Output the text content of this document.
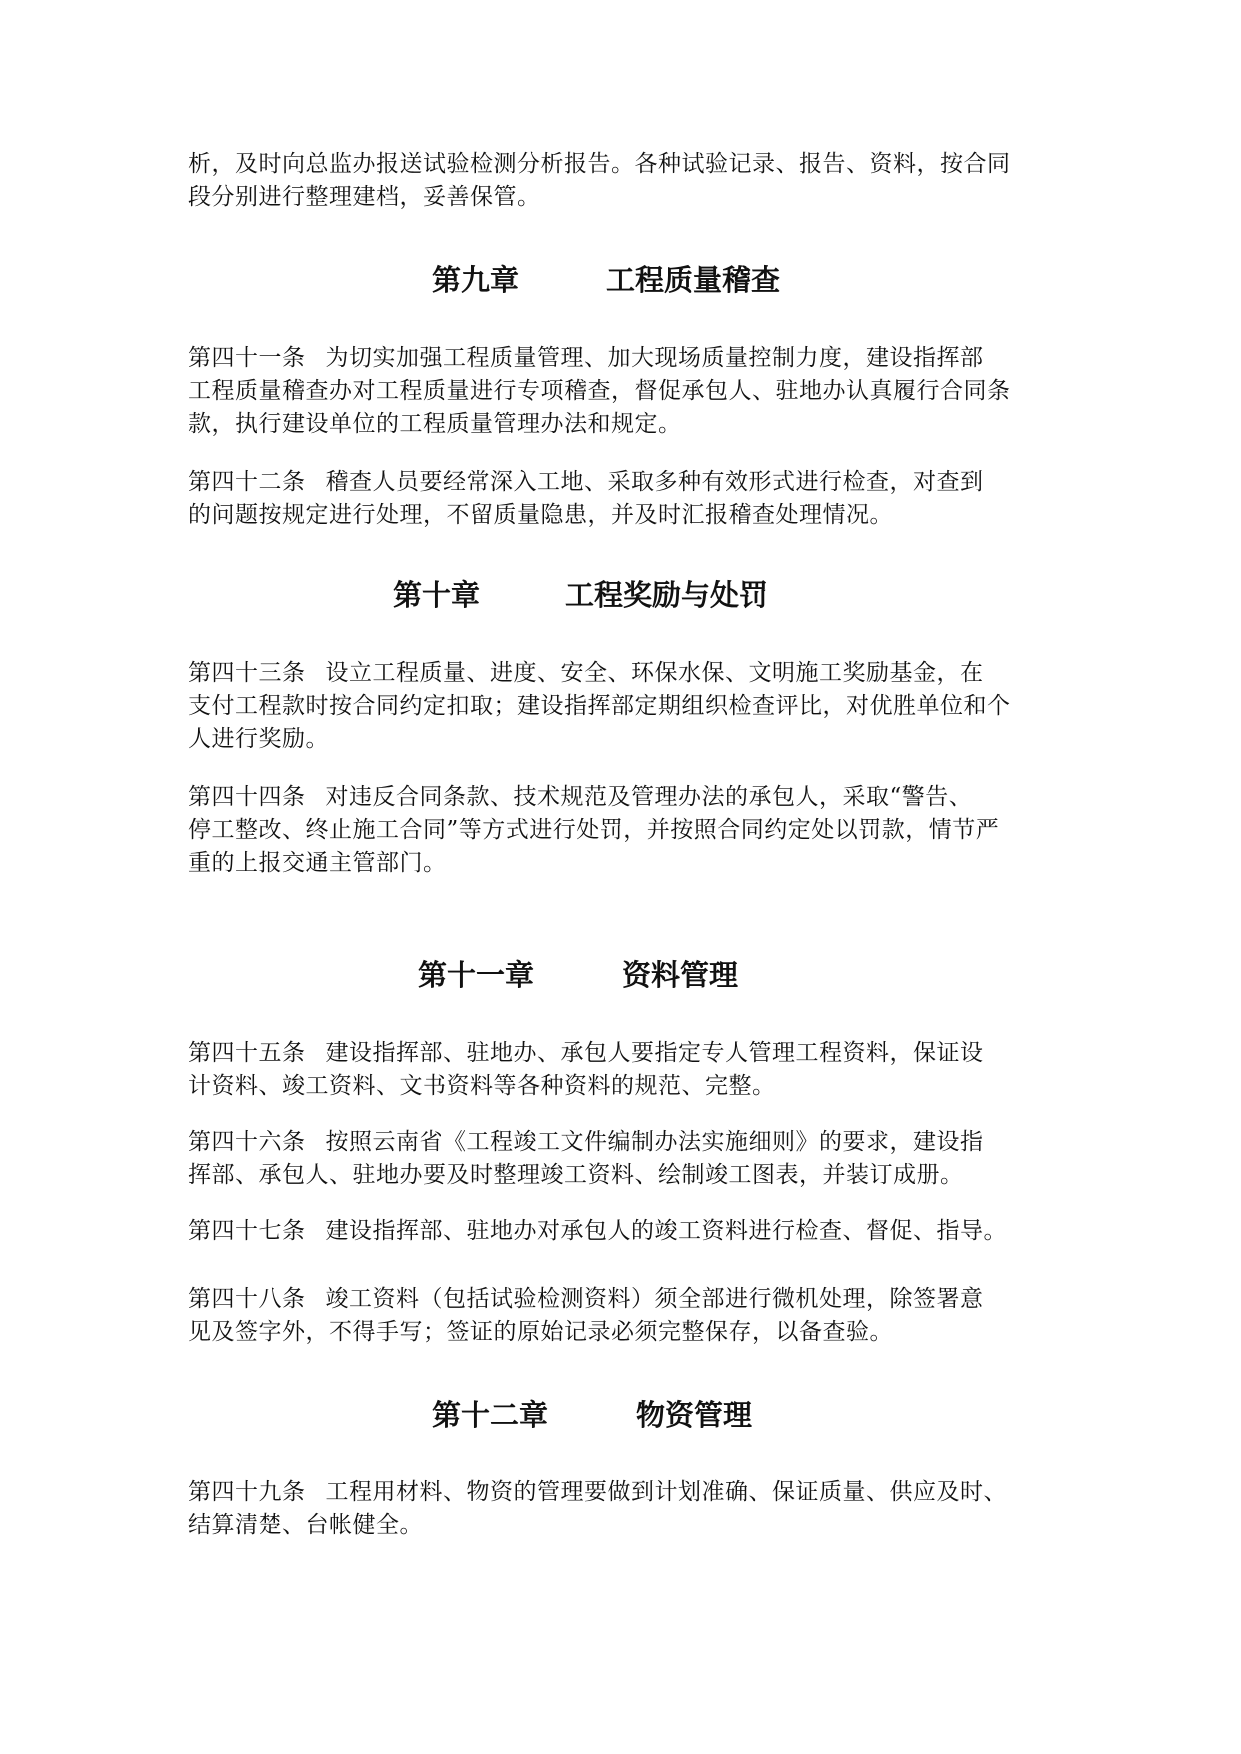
析，及时向总监办报送试验检测分析报告。各种试验记录、报告、资料，按合同

段分别进行整理建档，妥善保管。

第九章	工程质量稽查

第四十一条 为切实加强工程质量管理、加大现场质量控制力度，建设指挥部

工程质量稽查办对工程质量进行专项稽查，督促承包人、驻地办认真履行合同条

款，执行建设单位的工程质量管理办法和规定。

第四十二条 稽查人员要经常深入工地、采取多种有效形式进行检查，对查到

的问题按规定进行处理，不留质量隐患，并及时汇报稽查处理情况。

第十章	工程奖励与处罚

第四十三条 设立工程质量、进度、安全、环保水保、文明施工奖励基金，在

支付工程款时按合同约定扣取；建设指挥部定期组织检查评比，对优胜单位和个

人进行奖励。

第四十四条 对违反合同条款、技术规范及管理办法的承包人，采取“警告、

停工整改、终止施工合同”等方式进行处罚，并按照合同约定处以罚款，情节严

重的上报交通主管部门。

第十一章	资料管理

第四十五条 建设指挥部、驻地办、承包人要指定专人管理工程资料，保证设

计资料、竣工资料、文书资料等各种资料的规范、完整。

第四十六条 按照云南省《工程竣工文件编制办法实施细则》的要求，建设指

挥部、承包人、驻地办要及时整理竣工资料、绘制竣工图表，并装订成册。

第四十七条 建设指挥部、驻地办对承包人的竣工资料进行检查、督促、指导。

第四十八条 竣工资料（包括试验检测资料）须全部进行微机处理，除签署意

见及签字外，不得手写；签证的原始记录必须完整保存，以备查验。

第十二章	物资管理

第四十九条 工程用材料、物资的管理要做到计划准确、保证质量、供应及时、

结算清楚、台帐健全。
